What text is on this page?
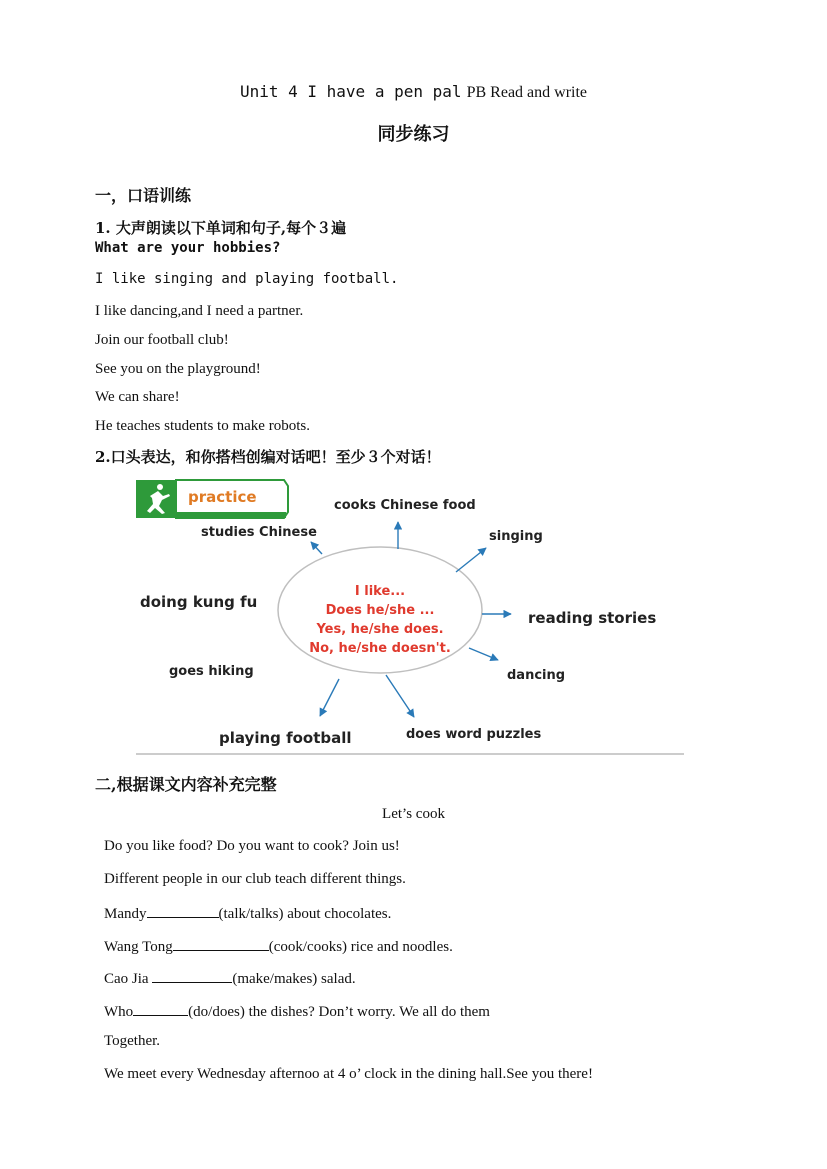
Unit 4 I have a pen pal PB Read and write
同步练习
一，口语训练
1. 大声朗读以下单词和句子,每个３遍
What are your hobbies?
I like singing and playing football.
I like dancing,and I need a partner.
Join our football club!
See you on the playground!
We can share!
He teaches students to make robots.
2.口头表达，和你搭档创编对话吧！至少３个对话！
practice
I like...
Does he/she ...
Yes, he/she does.
No, he/she doesn't.
cooks Chinese food
singing
reading stories
dancing
does word puzzles
playing football
goes hiking
doing kung fu
studies Chinese
二,根据课文内容补充完整
Let’s cook
Do you like food? Do you want to cook? Join us!
Different people in our club teach different things.
Mandy	(talk/talks) about chocolates.
Wang Tong	(cook/cooks) rice and noodles.
Cao Jia	(make/makes) salad.
Who	(do/does) the dishes? Don’t worry. We all do them
Together.
We meet every Wednesday afternoo at 4 o’ clock in the dining hall.See you there!
